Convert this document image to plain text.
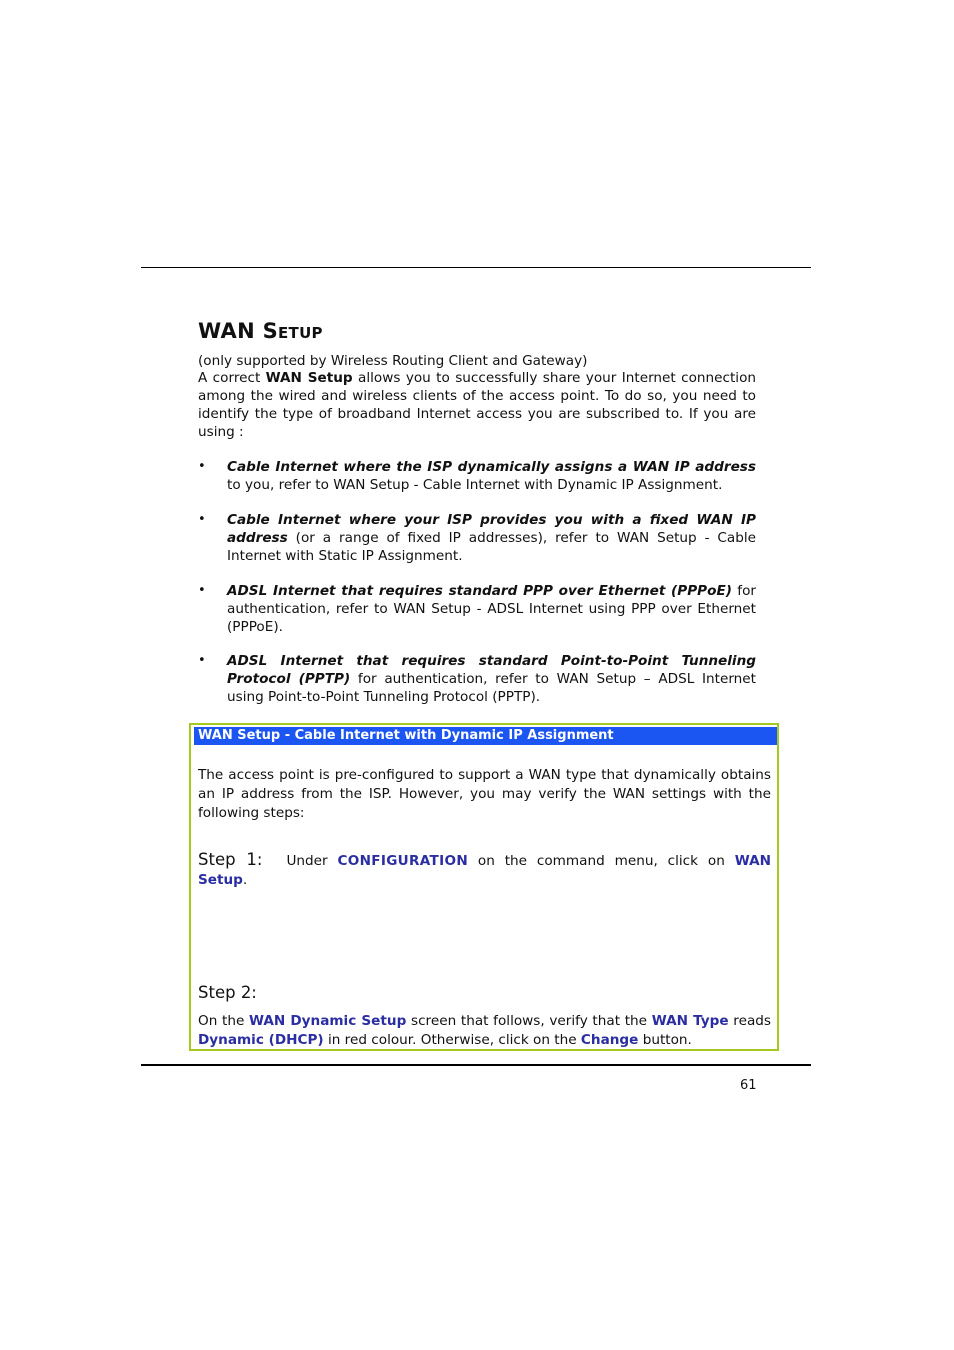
WAN SETUP
(only supported by Wireless Routing Client and Gateway)
A correct WAN Setup allows you to successfully share your Internet connection among the wired and wireless clients of the access point. To do so, you need to identify the type of broadband Internet access you are subscribed to. If you are using :
•	Cable Internet where the ISP dynamically assigns a WAN IP address to you, refer to WAN Setup - Cable Internet with Dynamic IP Assignment.
•	Cable Internet where your ISP provides you with a fixed WAN IP address (or a range of fixed IP addresses), refer to WAN Setup - Cable Internet with Static IP Assignment.
•	ADSL Internet that requires standard PPP over Ethernet (PPPoE) for authentication, refer to WAN Setup - ADSL Internet using PPP over Ethernet (PPPoE).
•	ADSL Internet that requires standard Point-to-Point Tunneling Protocol (PPTP) for authentication, refer to WAN Setup – ADSL Internet using Point-to-Point Tunneling Protocol (PPTP).
WAN Setup - Cable Internet with Dynamic IP Assignment
The access point is pre-configured to support a WAN type that dynamically obtains an IP address from the ISP. However, you may verify the WAN settings with the following steps:
Step 1: Under CONFIGURATION on the command menu, click on WAN Setup.
Step 2:
On the WAN Dynamic Setup screen that follows, verify that the WAN Type reads Dynamic (DHCP) in red colour. Otherwise, click on the Change button.
61
